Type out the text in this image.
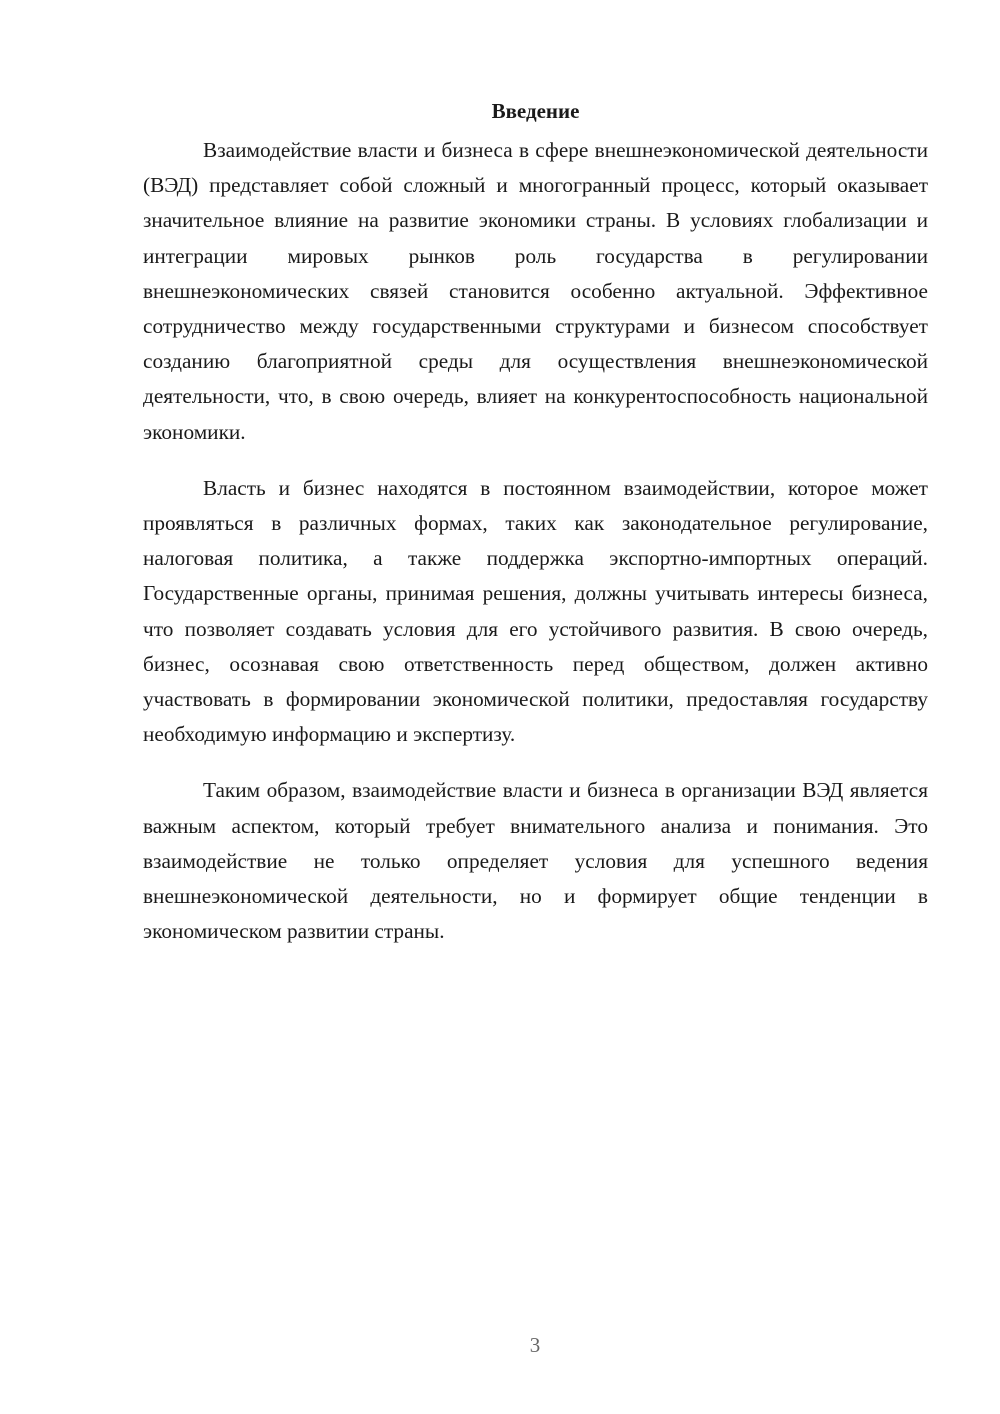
Введение

Взаимодействие власти и бизнеса в сфере внешнеэкономической деятельности (ВЭД) представляет собой сложный и многогранный процесс, который оказывает значительное влияние на развитие экономики страны. В условиях глобализации и интеграции мировых рынков роль государства в регулировании внешнеэкономических связей становится особенно актуальной. Эффективное сотрудничество между государственными структурами и бизнесом способствует созданию благоприятной среды для осуществления внешнеэкономической деятельности, что, в свою очередь, влияет на конкурентоспособность национальной экономики.

Власть и бизнес находятся в постоянном взаимодействии, которое может проявляться в различных формах, таких как законодательное регулирование, налоговая политика, а также поддержка экспортно-импортных операций. Государственные органы, принимая решения, должны учитывать интересы бизнеса, что позволяет создавать условия для его устойчивого развития. В свою очередь, бизнес, осознавая свою ответственность перед обществом, должен активно участвовать в формировании экономической политики, предоставляя государству необходимую информацию и экспертизу.

Таким образом, взаимодействие власти и бизнеса в организации ВЭД является важным аспектом, который требует внимательного анализа и понимания. Это взаимодействие не только определяет условия для успешного ведения внешнеэкономической деятельности, но и формирует общие тенденции в экономическом развитии страны.

3
